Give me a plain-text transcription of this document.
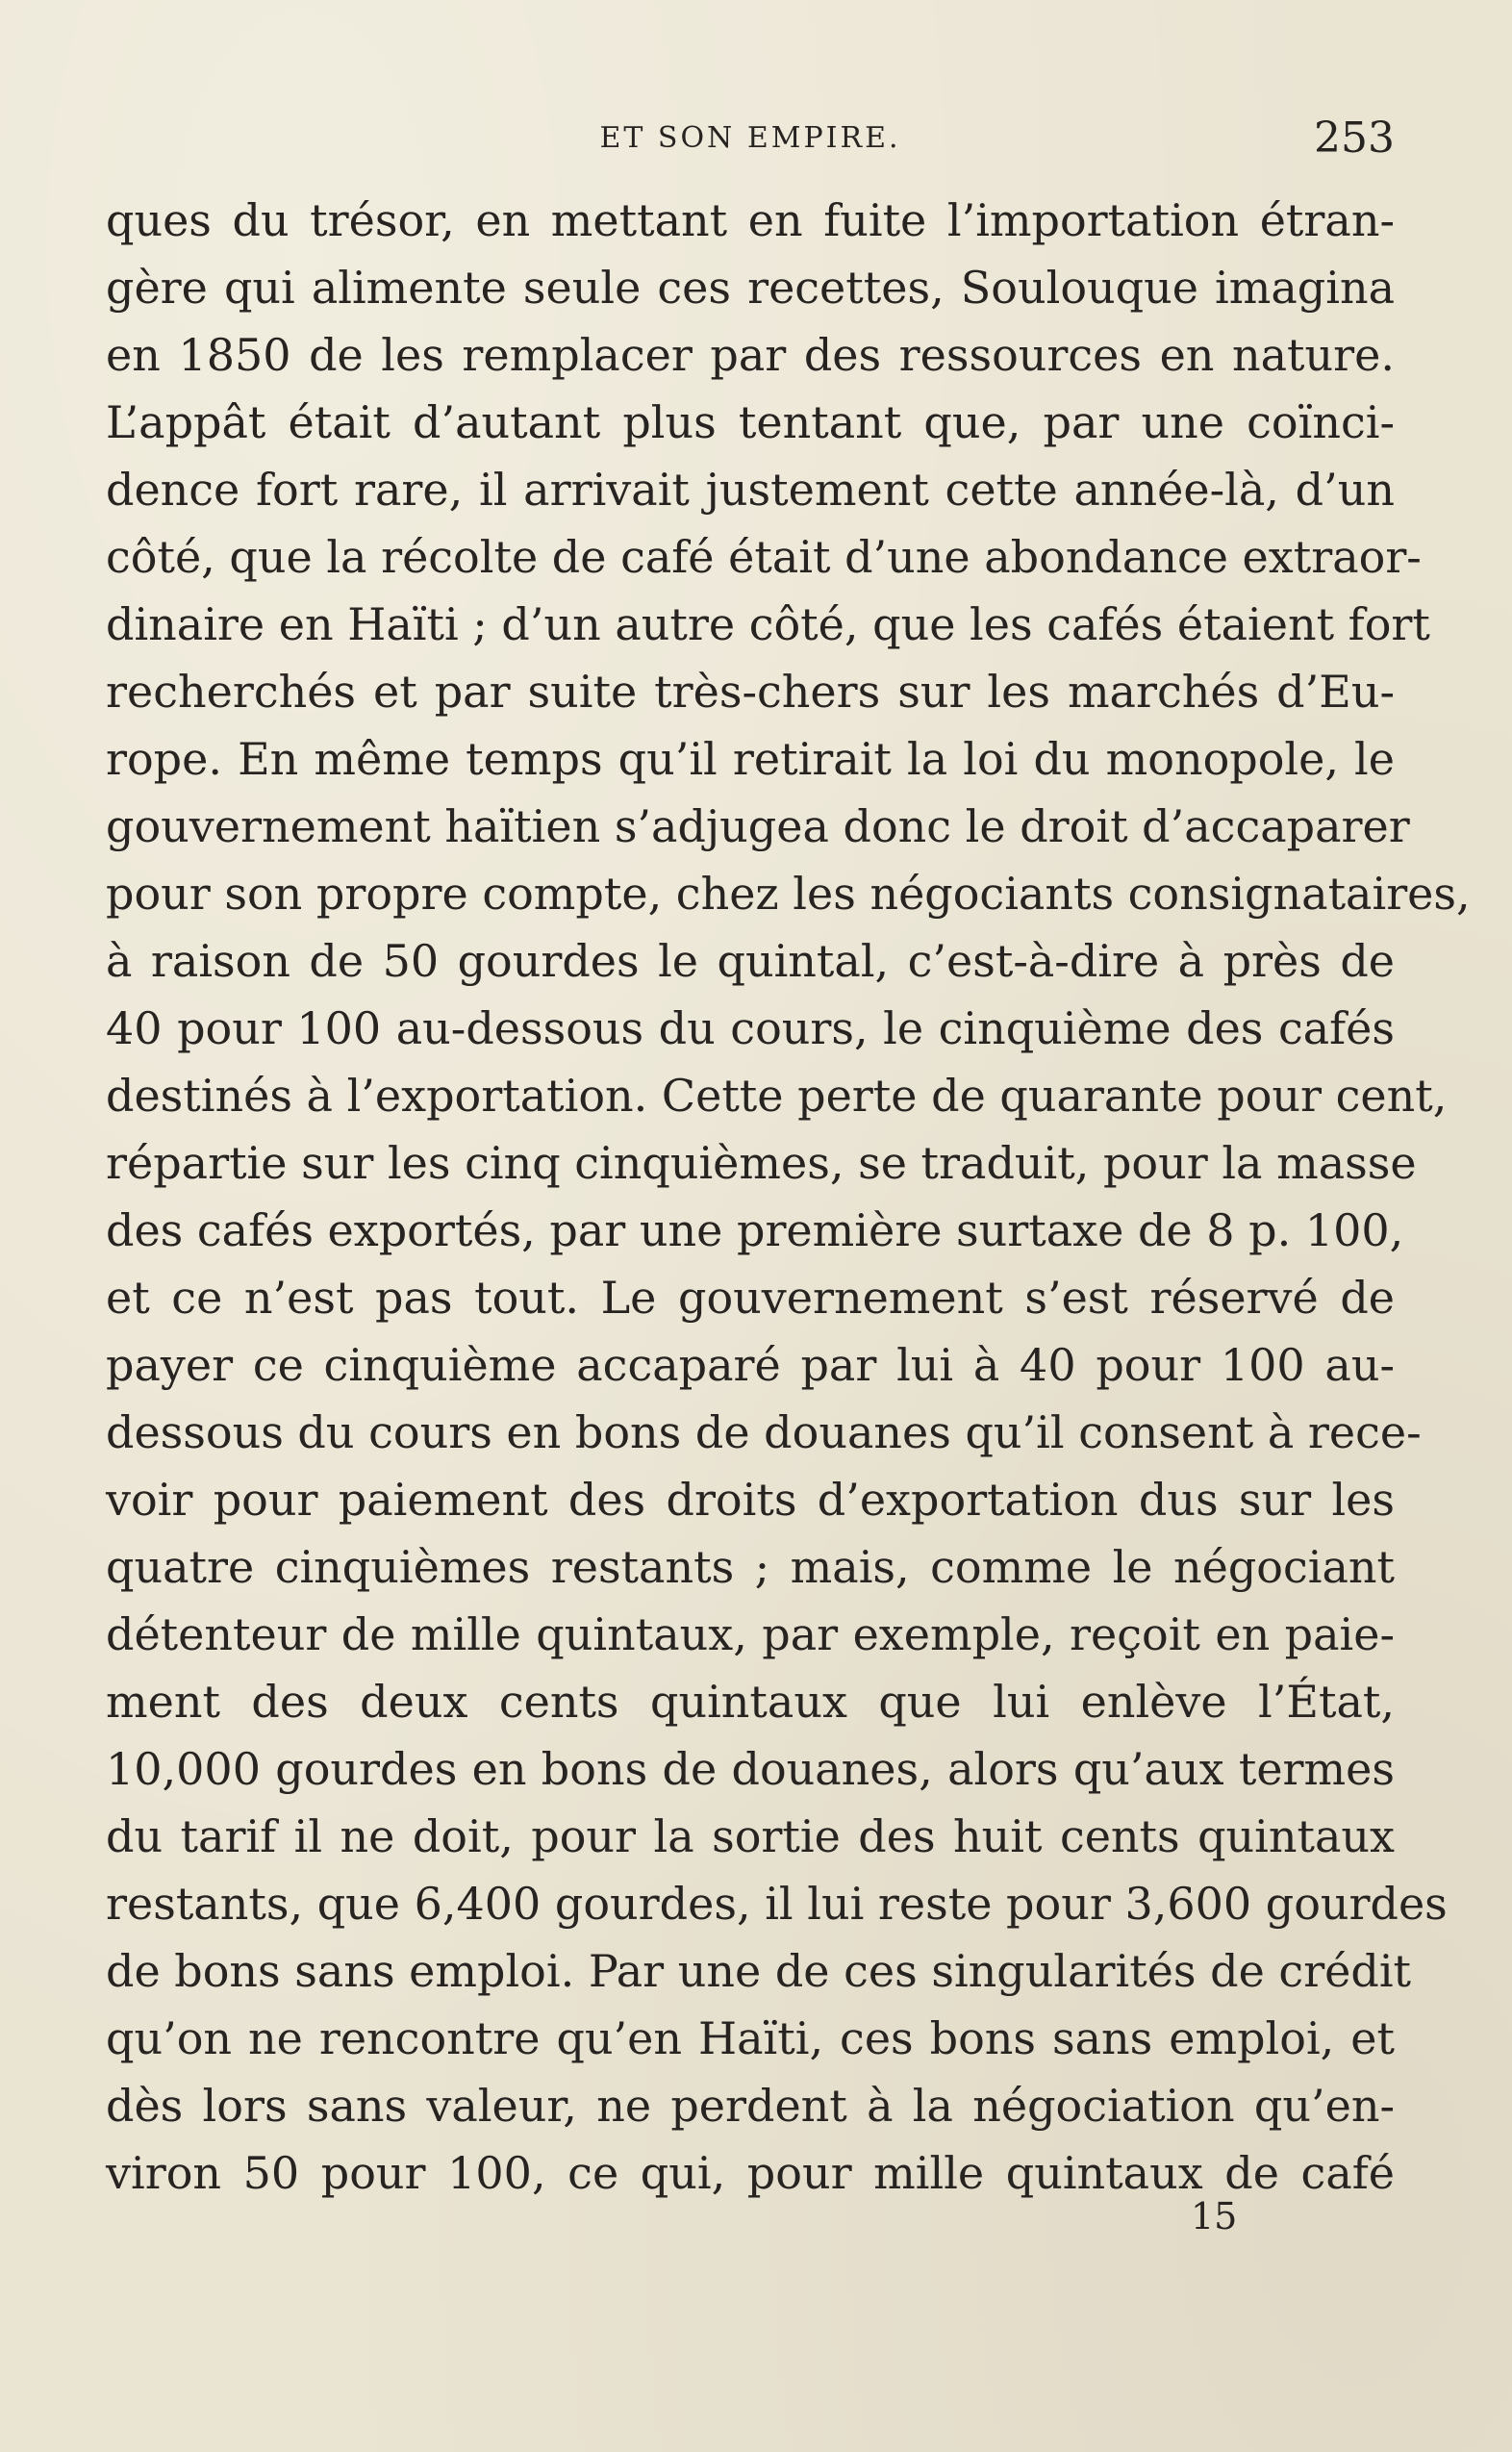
ET SON EMPIRE.	253
ques du trésor, en mettant en fuite l’importation étran-
gère qui alimente seule ces recettes, Soulouque imagina
en 1850 de les remplacer par des ressources en nature.
L’appât était d’autant plus tentant que, par une coïnci-
dence fort rare, il arrivait justement cette année-là, d’un
côté, que la récolte de café était d’une abondance extraor-
dinaire en Haïti ; d’un autre côté, que les cafés étaient fort
recherchés et par suite très-chers sur les marchés d’Eu-
rope. En même temps qu’il retirait la loi du monopole, le
gouvernement haïtien s’adjugea donc le droit d’accaparer
pour son propre compte, chez les négociants consignataires,
à raison de 50 gourdes le quintal, c’est-à-dire à près de
40 pour 100 au-dessous du cours, le cinquième des cafés
destinés à l’exportation. Cette perte de quarante pour cent,
répartie sur les cinq cinquièmes, se traduit, pour la masse
des cafés exportés, par une première surtaxe de 8 p. 100,
et ce n’est pas tout. Le gouvernement s’est réservé de
payer ce cinquième accaparé par lui à 40 pour 100 au-
dessous du cours en bons de douanes qu’il consent à rece-
voir pour paiement des droits d’exportation dus sur les
quatre cinquièmes restants ; mais, comme le négociant
détenteur de mille quintaux, par exemple, reçoit en paie-
ment des deux cents quintaux que lui enlève l’État,
10,000 gourdes en bons de douanes, alors qu’aux termes
du tarif il ne doit, pour la sortie des huit cents quintaux
restants, que 6,400 gourdes, il lui reste pour 3,600 gourdes
de bons sans emploi. Par une de ces singularités de crédit
qu’on ne rencontre qu’en Haïti, ces bons sans emploi, et
dès lors sans valeur, ne perdent à la négociation qu’en-
viron 50 pour 100, ce qui, pour mille quintaux de café
15
